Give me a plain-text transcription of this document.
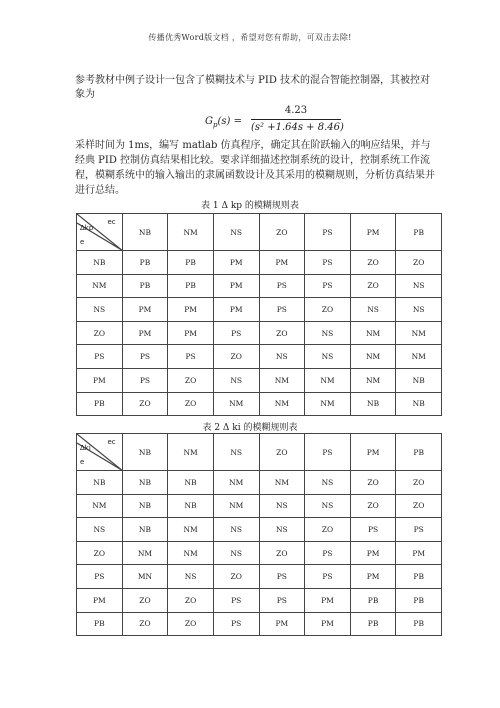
传播优秀Word版文档 ，希望对您有帮助，可双击去除!
参考教材中例子设计一包含了模糊技术与 PID 技术的混合智能控制器，其被控对象为
$G_p(s)$ =
4.23
(s² +1.64s + 8.46)
采样时间为 1ms，编写 matlab 仿真程序，确定其在阶跃输入的响应结果，并与经典 PID 控制仿真结果相比较。要求详细描述控制系统的设计，控制系统工作流程，模糊系统中的输入输出的隶属函数设计及其采用的模糊规则，分析仿真结果并进行总结。
表 1 Δ kp 的模糊规则表
ec
Δkp
e	NB	NM	NS	ZO	PS	PM	PB
NB	PB	PB	PM	PM	PS	ZO	ZO
NM	PB	PB	PM	PS	PS	ZO	NS
NS	PM	PM	PM	PS	ZO	NS	NS
ZO	PM	PM	PS	ZO	NS	NM	NM
PS	PS	PS	ZO	NS	NS	NM	NM
PM	PS	ZO	NS	NM	NM	NM	NB
PB	ZO	ZO	NM	NM	NM	NB	NB
表 2 Δ ki 的模糊规则表
ec
Δki
e	NB	NM	NS	ZO	PS	PM	PB
NB	NB	NB	NM	NM	NS	ZO	ZO
NM	NB	NB	NM	NS	NS	ZO	ZO
NS	NB	NM	NS	NS	ZO	PS	PS
ZO	NM	NM	NS	ZO	PS	PM	PM
PS	MN	NS	ZO	PS	PS	PM	PB
PM	ZO	ZO	PS	PS	PM	PB	PB
PB	ZO	ZO	PS	PM	PM	PB	PB
